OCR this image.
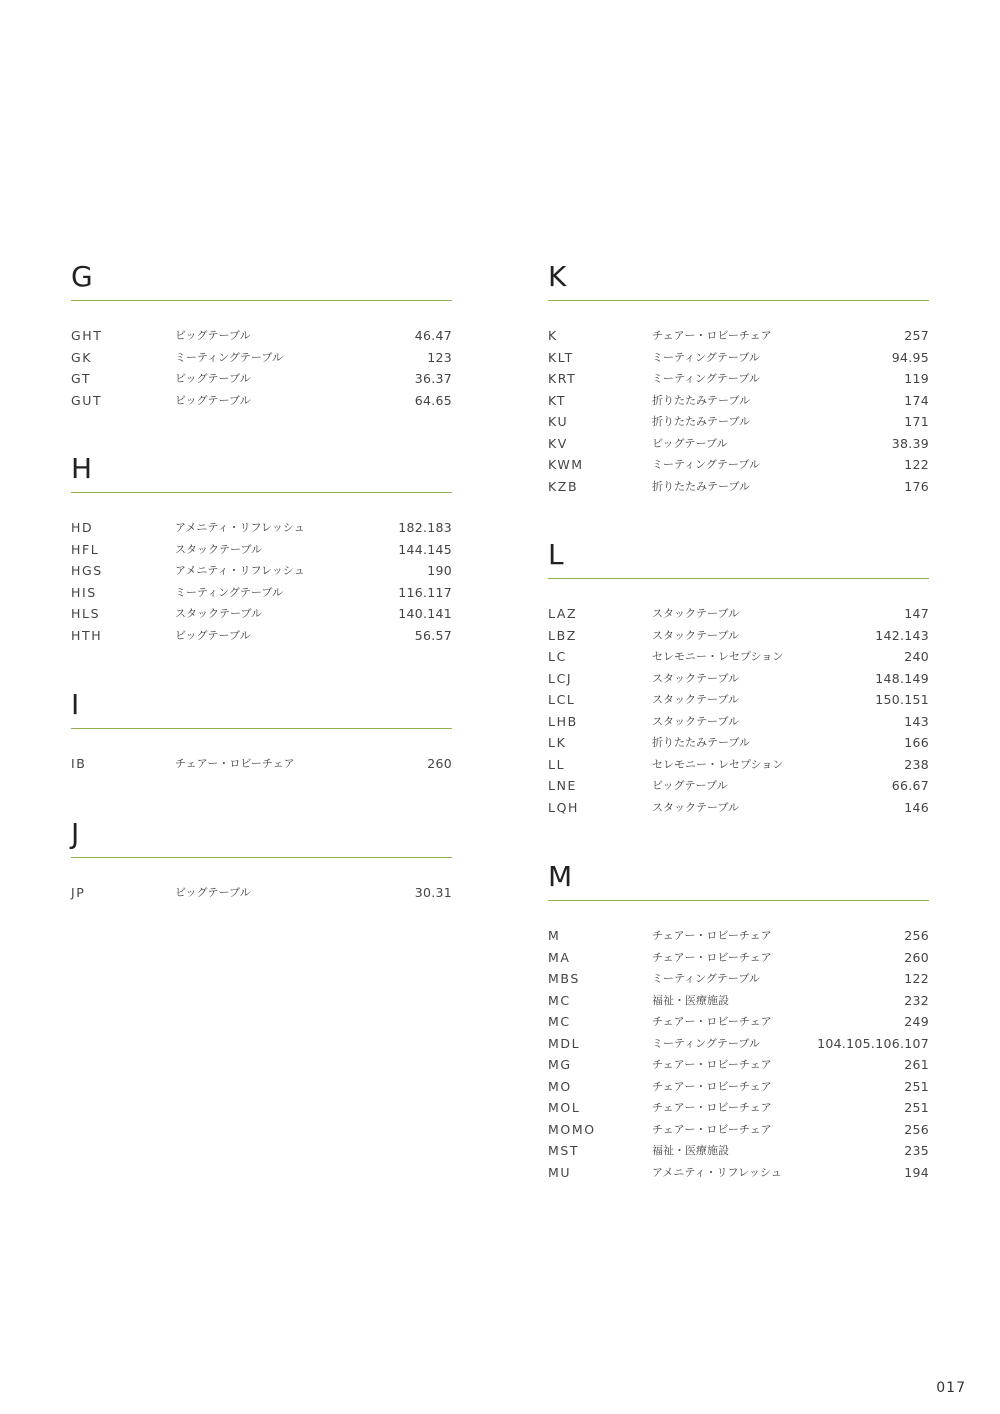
G
GHT	ビッグテーブル	46.47
GK	ミーティングテーブル	123
GT	ビッグテーブル	36.37
GUT	ビッグテーブル	64.65
H
HD	アメニティ・リフレッシュ	182.183
HFL	スタックテーブル	144.145
HGS	アメニティ・リフレッシュ	190
HIS	ミーティングテーブル	116.117
HLS	スタックテーブル	140.141
HTH	ビッグテーブル	56.57
I
IB	チェアー・ロビーチェア	260
J
JP	ビッグテーブル	30.31
K
K	チェアー・ロビーチェア	257
KLT	ミーティングテーブル	94.95
KRT	ミーティングテーブル	119
KT	折りたたみテーブル	174
KU	折りたたみテーブル	171
KV	ビッグテーブル	38.39
KWM	ミーティングテーブル	122
KZB	折りたたみテーブル	176
L
LAZ	スタックテーブル	147
LBZ	スタックテーブル	142.143
LC	セレモニー・レセプション	240
LCJ	スタックテーブル	148.149
LCL	スタックテーブル	150.151
LHB	スタックテーブル	143
LK	折りたたみテーブル	166
LL	セレモニー・レセプション	238
LNE	ビッグテーブル	66.67
LQH	スタックテーブル	146
M
M	チェアー・ロビーチェア	256
MA	チェアー・ロビーチェア	260
MBS	ミーティングテーブル	122
MC	福祉・医療施設	232
MC	チェアー・ロビーチェア	249
MDL	ミーティングテーブル	104.105.106.107
MG	チェアー・ロビーチェア	261
MO	チェアー・ロビーチェア	251
MOL	チェアー・ロビーチェア	251
MOMO	チェアー・ロビーチェア	256
MST	福祉・医療施設	235
MU	アメニティ・リフレッシュ	194
017
